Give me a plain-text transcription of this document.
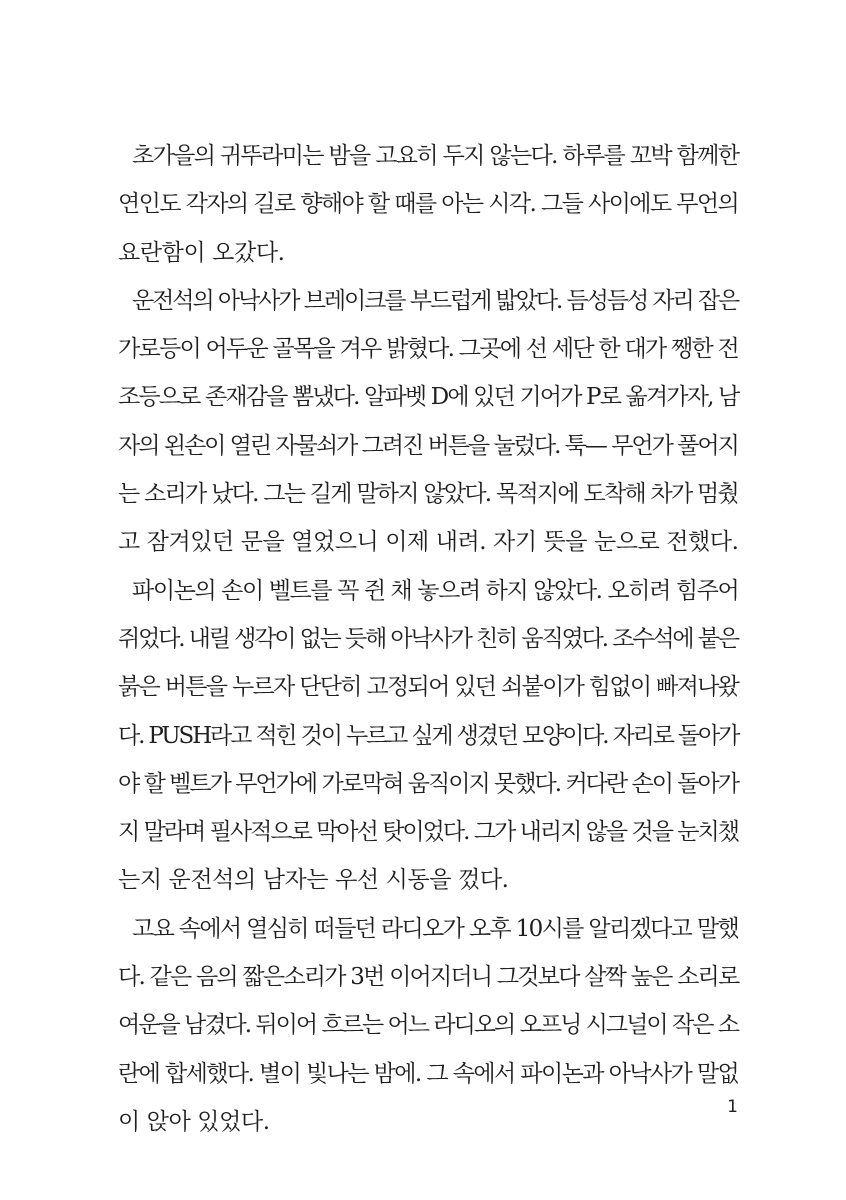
초가을의 귀뚜라미는 밤을 고요히 두지 않는다. 하루를 꼬박 함께한
연인도 각자의 길로 향해야 할 때를 아는 시각. 그들 사이에도 무언의
요란함이 오갔다.
운전석의 아낙사가 브레이크를 부드럽게 밟았다. 듬성듬성 자리 잡은
가로등이 어두운 골목을 겨우 밝혔다. 그곳에 선 세단 한 대가 쨍한 전
조등으로 존재감을 뽐냈다. 알파벳 D에 있던 기어가 P로 옮겨가자, 남
자의 왼손이 열린 자물쇠가 그려진 버튼을 눌렀다. 툭— 무언가 풀어지
는 소리가 났다. 그는 길게 말하지 않았다. 목적지에 도착해 차가 멈췄
고 잠겨있던 문을 열었으니 이제 내려. 자기 뜻을 눈으로 전했다.
파이논의 손이 벨트를 꼭 쥔 채 놓으려 하지 않았다. 오히려 힘주어
쥐었다. 내릴 생각이 없는 듯해 아낙사가 친히 움직였다. 조수석에 붙은
붉은 버튼을 누르자 단단히 고정되어 있던 쇠붙이가 힘없이 빠져나왔
다. PUSH라고 적힌 것이 누르고 싶게 생겼던 모양이다. 자리로 돌아가
야 할 벨트가 무언가에 가로막혀 움직이지 못했다. 커다란 손이 돌아가
지 말라며 필사적으로 막아선 탓이었다. 그가 내리지 않을 것을 눈치챘
는지 운전석의 남자는 우선 시동을 껐다.
고요 속에서 열심히 떠들던 라디오가 오후 10시를 알리겠다고 말했
다. 같은 음의 짧은소리가 3번 이어지더니 그것보다 살짝 높은 소리로
여운을 남겼다. 뒤이어 흐르는 어느 라디오의 오프닝 시그널이 작은 소
란에 합세했다. 별이 빛나는 밤에. 그 속에서 파이논과 아낙사가 말없
이 앉아 있었다.
1
